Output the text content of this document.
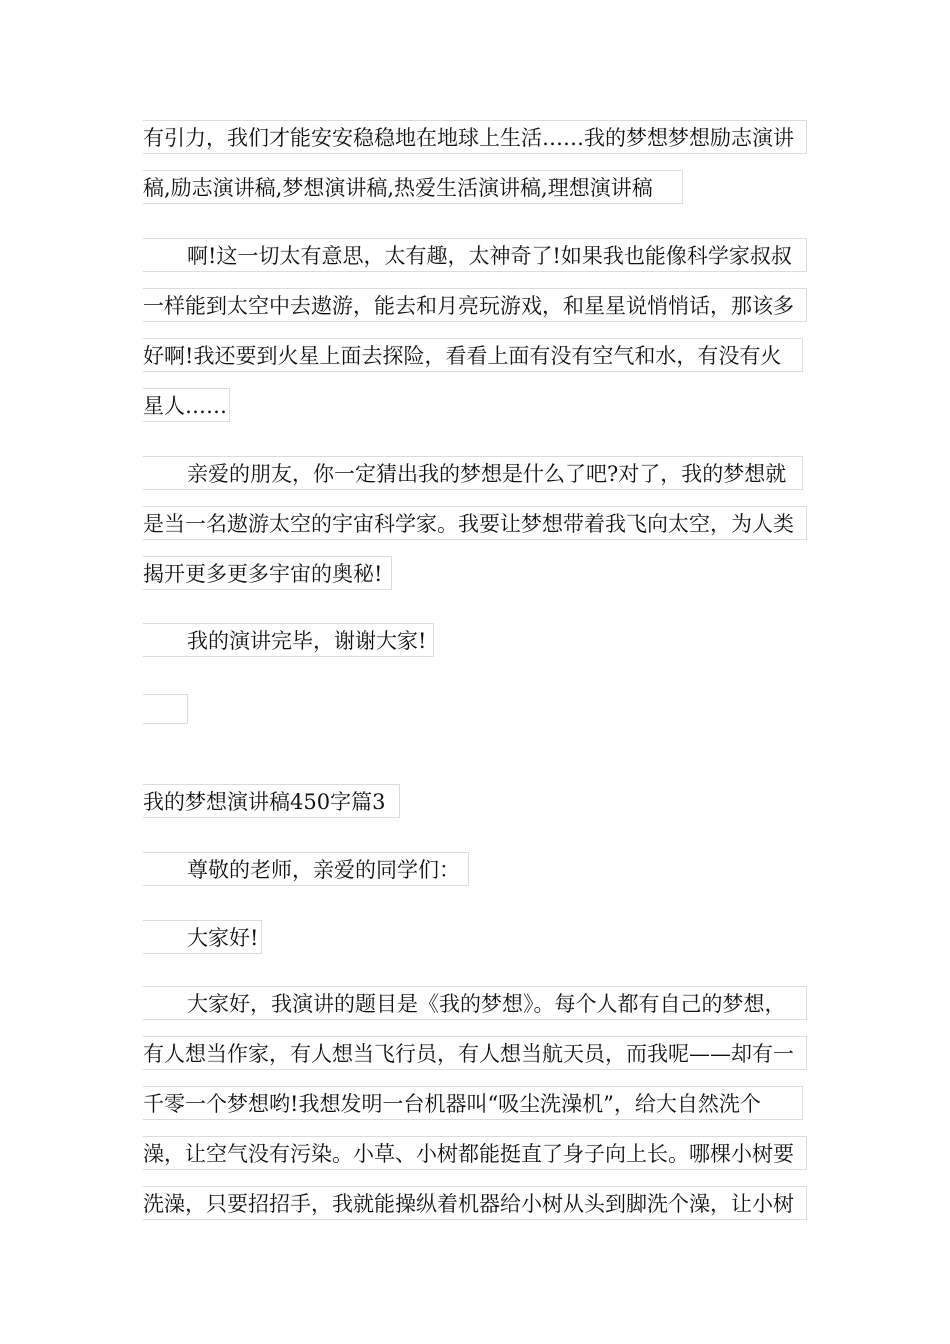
有引力，我们才能安安稳稳地在地球上生活……我的梦想梦想励志演讲
稿,励志演讲稿,梦想演讲稿,热爱生活演讲稿,理想演讲稿
啊!这一切太有意思，太有趣，太神奇了!如果我也能像科学家叔叔
一样能到太空中去遨游，能去和月亮玩游戏，和星星说悄悄话，那该多
好啊!我还要到火星上面去探险，看看上面有没有空气和水，有没有火
星人……
亲爱的朋友，你一定猜出我的梦想是什么了吧?对了，我的梦想就
是当一名遨游太空的宇宙科学家。我要让梦想带着我飞向太空，为人类
揭开更多更多宇宙的奥秘!
我的演讲完毕，谢谢大家!
我的梦想演讲稿450字篇3
尊敬的老师，亲爱的同学们：
大家好!
大家好，我演讲的题目是《我的梦想》。每个人都有自己的梦想，
有人想当作家，有人想当飞行员，有人想当航天员，而我呢——却有一
千零一个梦想哟!我想发明一台机器叫“吸尘洗澡机”，给大自然洗个
澡，让空气没有污染。小草、小树都能挺直了身子向上长。哪棵小树要
洗澡，只要招招手，我就能操纵着机器给小树从头到脚洗个澡，让小树
